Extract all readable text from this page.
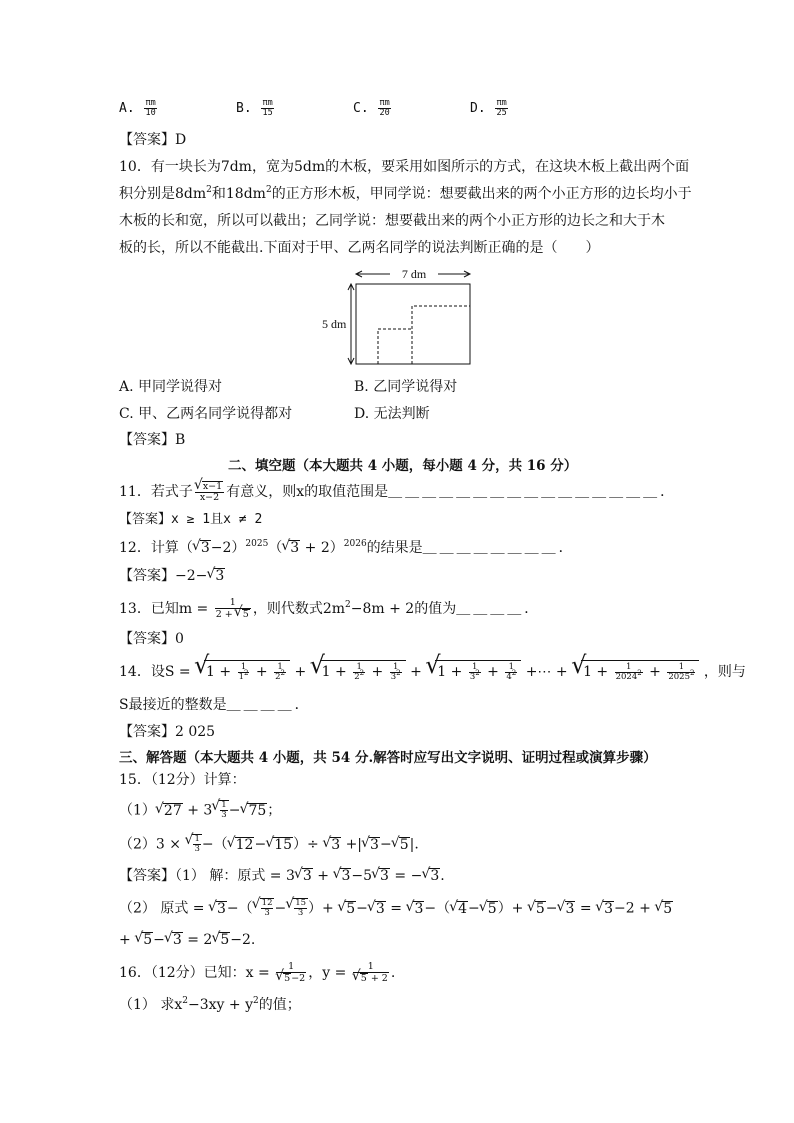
A. $\frac{\pi m}{10}$	B. $\frac{\pi m}{15}$	C. $\frac{\pi m}{20}$	D. $\frac{\pi m}{25}$
【答案】D
10．有一块长为7dm，宽为5dm的木板，要采用如图所示的方式，在这块木板上截出两个面
积分别是$8dm^2$和$18dm^2$的正方形木板，甲同学说：想要截出来的两个小正方形的边长均小于
木板的长和宽，所以可以截出；乙同学说：想要截出来的两个小正方形的边长之和大于木
板的长，所以不能截出.下面对于甲、乙两名同学的说法判断正确的是（　　）
7 dm
5 dm
A. 甲同学说得对	B. 乙同学说得对
C. 甲、乙两名同学说得都对	D. 无法判断
【答案】B
二、填空题（本大题共 4 小题，每小题 4 分，共 16 分）
11．若式子 √ $\frac{x-1}{x-2}$ 有意义，则x的取值范围是＿＿＿＿＿＿＿＿＿＿＿＿＿＿＿＿．
【答案】x ≥ 1且x ≠ 2
12．计算（ √ 3−2）$^{2025}$（ √ 3 + 2）$^{2026}$的结果是＿＿＿＿＿＿＿＿．
【答案】−2− √ 3
13．已知$m = \frac{1}{2 + √ 5}$ ，则代数式$2m^2-8m + 2$的值为＿＿＿＿．
【答案】0
14．设S = √ $1 + \frac{1}{1^2} + \frac{1}{2^2}$ + √ $1 + \frac{1}{2^2} + \frac{1}{3^2}$ + √ $1 + \frac{1}{3^2} + \frac{1}{4^2}$ +⋯ + √ $1 + \frac{1}{2024^2} + \frac{1}{2025^2}$ ，则与
S最接近的整数是＿＿＿＿．
【答案】2 025
三、解答题（本大题共 4 小题，共 54 分.解答时应写出文字说明、证明过程或演算步骤）
15．（12分）计算：
（1） √ 27 + 3 √ $\frac{1}{3}$ − √ 75；
（2）3 × √ $\frac{1}{3}$ −（ √ 12− √ 15）÷ √ 3 +| √ 3− √ 5|.
【答案】（1） 解：原式 = 3 √ 3 + √ 3−5 √ 3 = − √ 3.
（2） 原式 = √ 3−（ √ $\frac{12}{3}$ − √ $\frac{15}{3}$ ）+ √ 5− √ 3 = √ 3−（ √ 4− √ 5）+ √ 5− √ 3 = √ 3−2 + √ 5
+ √ 5− √ 3 = 2 √ 5−2.
16．（12分）已知：x = 1
√ 5−2 ，y = 1
√ 5 + 2 .
（1） 求$x^2-3xy + y^2$的值；
